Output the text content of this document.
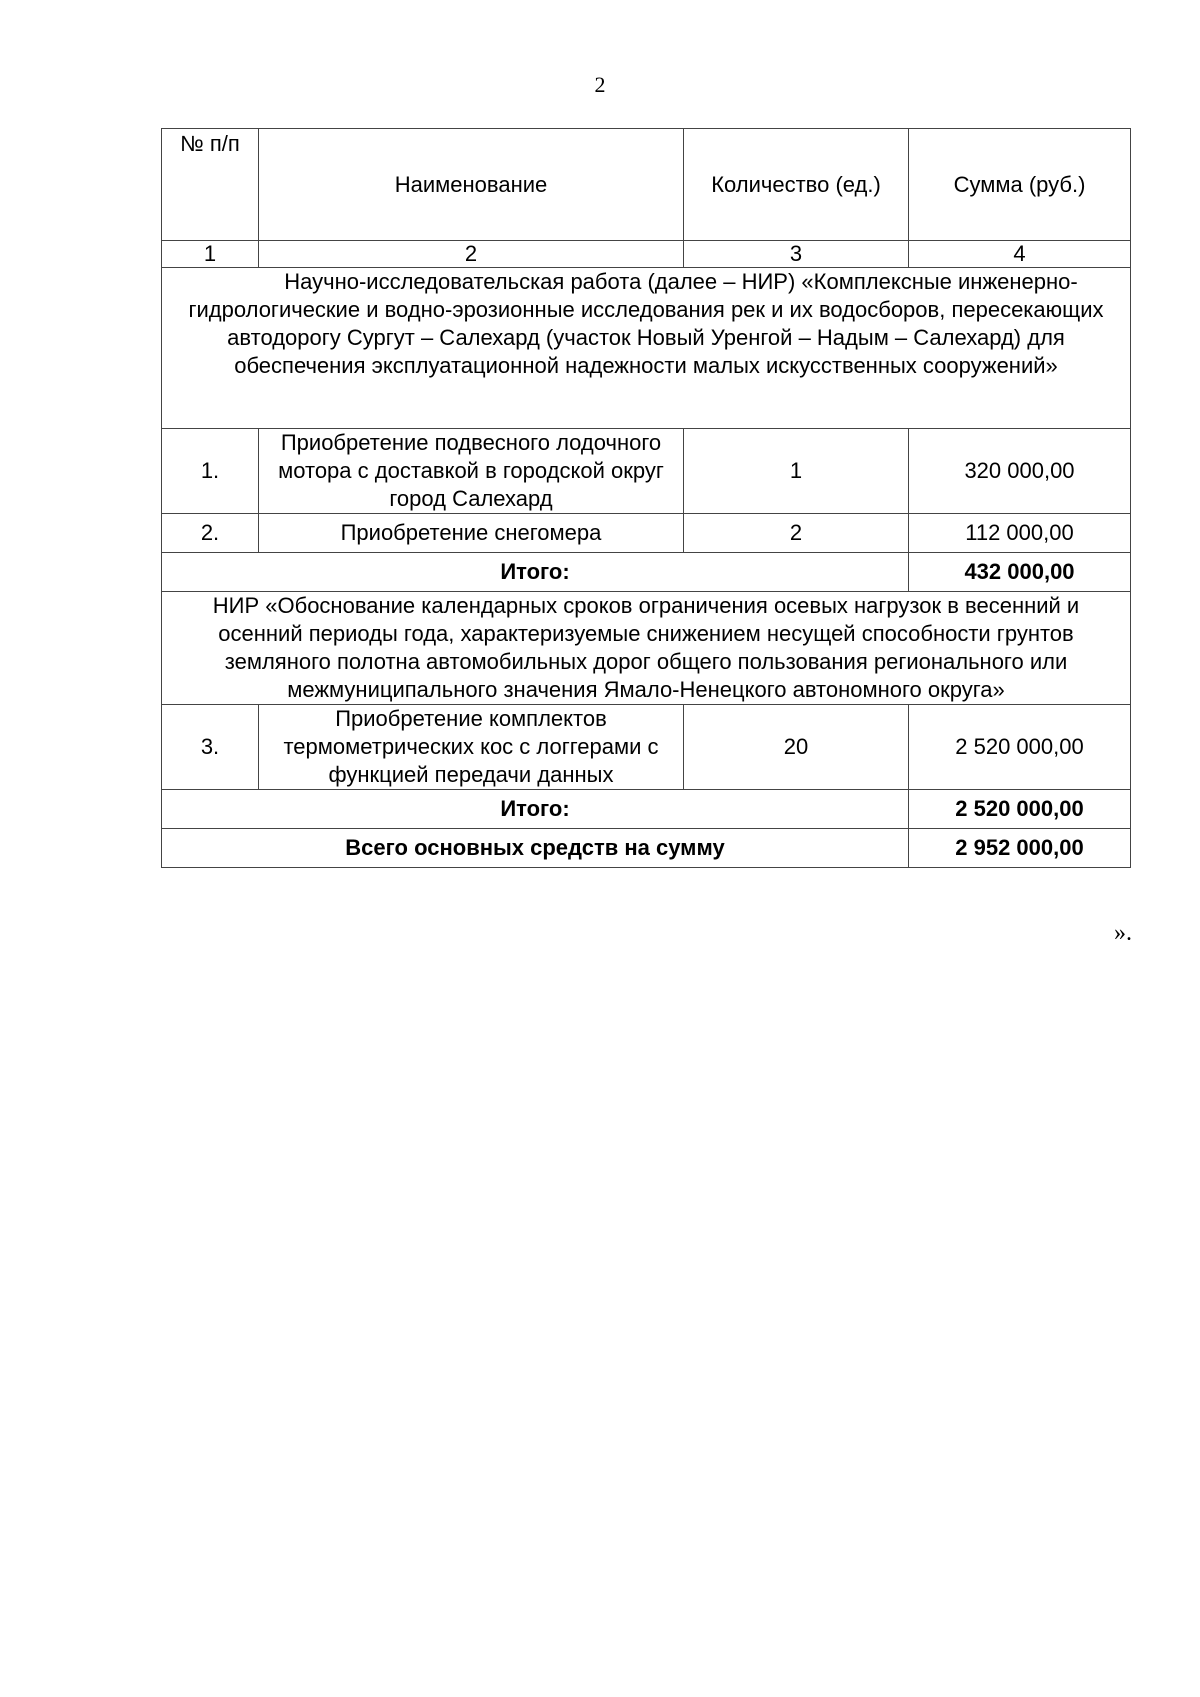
2
№ п/п	Наименование	Количество (ед.)	Сумма (руб.)
1	2	3	4
Научно-исследовательская работа (далее – НИР) «Комплексные инженерно-гидрологические и водно-эрозионные исследования рек и их водосборов, пересекающих автодорогу Сургут – Салехард (участок Новый Уренгой – Надым – Салехард) для обеспечения эксплуатационной надежности малых искусственных сооружений»			
1.	Приобретение подвесного лодочного мотора с доставкой в городской округ город Салехард	1	320 000,00
2.	Приобретение снегомера	2	112 000,00
Итого:			432 000,00
НИР «Обоснование календарных сроков ограничения осевых нагрузок в весенний и осенний периоды года, характеризуемые снижением несущей способности грунтов земляного полотна автомобильных дорог общего пользования регионального или межмуниципального значения Ямало-Ненецкого автономного округа»			
3.	Приобретение комплектов термометрических кос с логгерами с функцией передачи данных	20	2 520 000,00
Итого:			2 520 000,00
Всего основных средств на сумму			2 952 000,00
».
